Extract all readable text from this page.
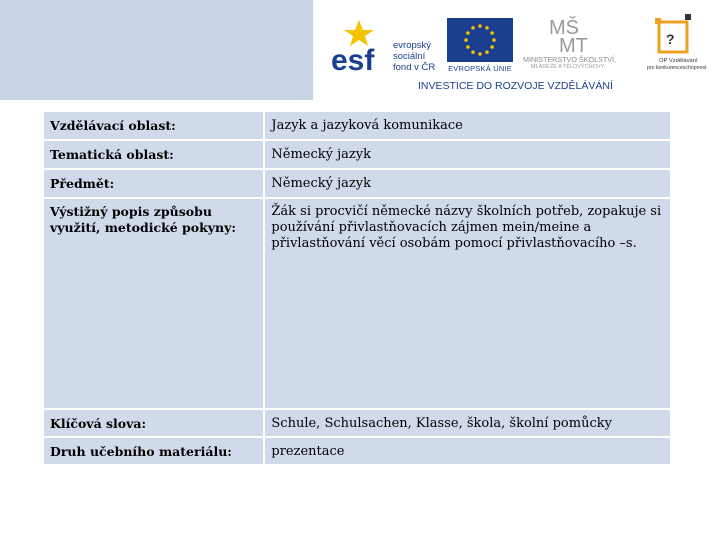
esf evropský
sociální
fond v ČR EVROPSKÁ UNIE
MŠ
MT
MINISTERSTVO ŠKOLSTVÍ,
MLÁDEŽE A TĚLOVÝCHOVY
?
OP Vzdělávání
pro konkurenceschopnost
INVESTICE DO ROZVOJE VZDĚLÁVÁNÍ
Vzdělávací oblast:	Jazyk a jazyková komunikace
Tematická oblast:	Německý jazyk
Předmět:	Německý jazyk
Výstižný popis způsobu využití, metodické pokyny:	Žák si procvičí německé názvy školních potřeb, zopakuje si používání přivlastňovacích zájmen mein/meine a přivlastňování věcí osobám pomocí přivlastňovacího –s.
Klíčová slova:	Schule, Schulsachen, Klasse, škola, školní pomůcky
Druh učebního materiálu:	prezentace
